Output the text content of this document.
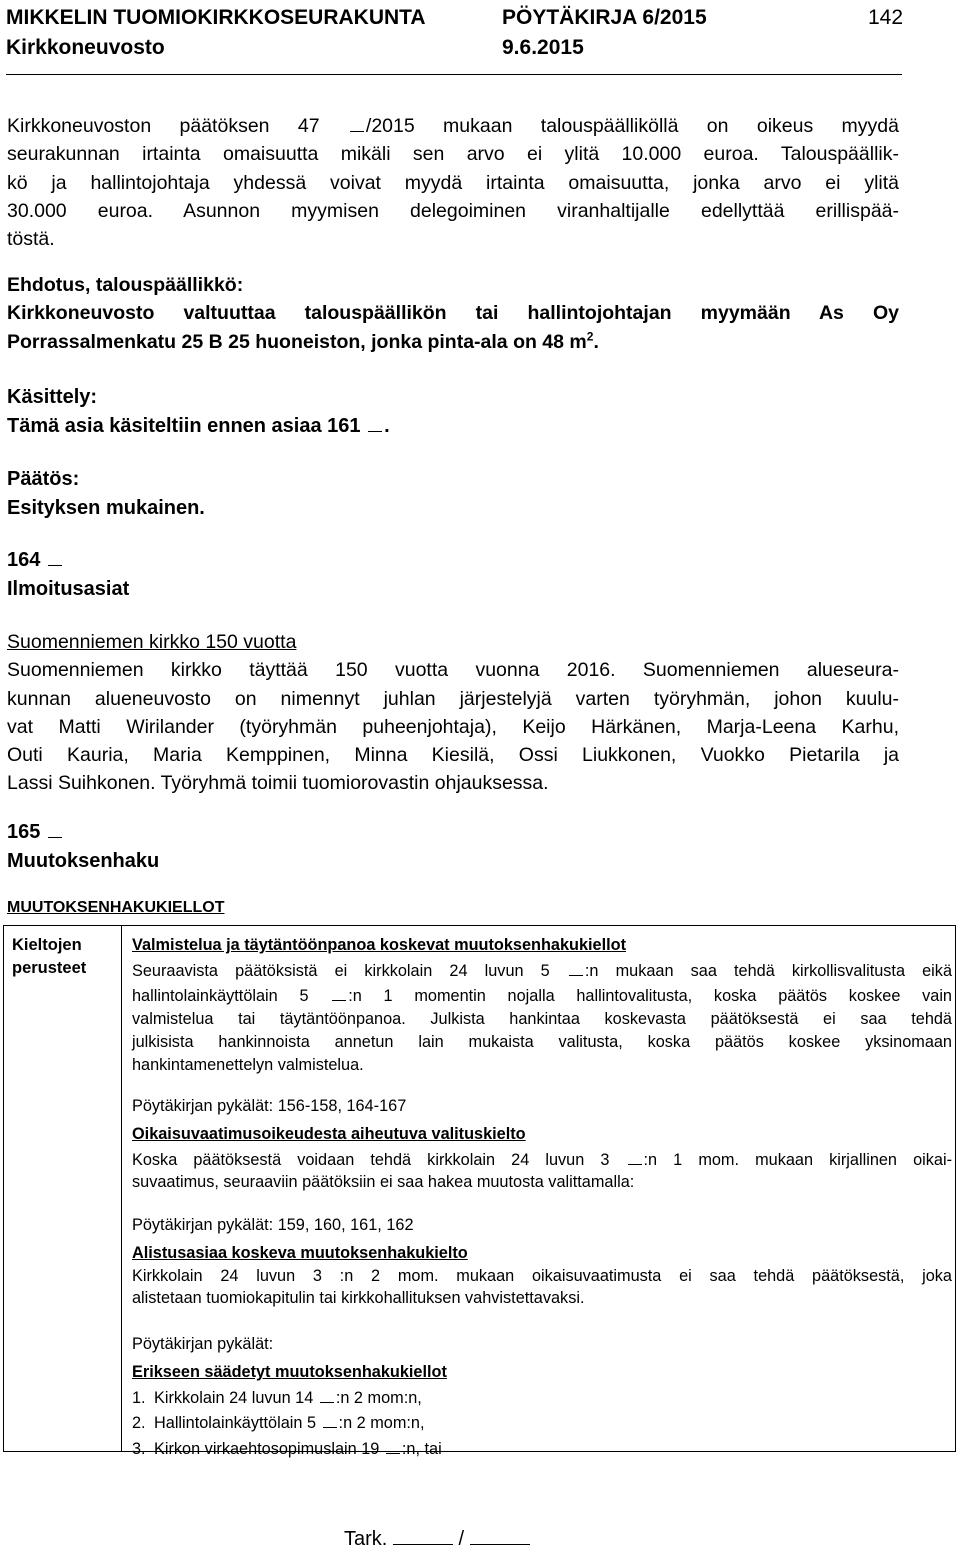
MIKKELIN TUOMIOKIRKKOSEURAKUNTA	PÖYTÄKIRJA 6/2015	142
Kirkkoneuvosto	9.6.2015
Kirkkoneuvoston päätöksen 47 /2015 mukaan talouspäälliköllä on oikeus myydä
seurakunnan irtainta omaisuutta mikäli sen arvo ei ylitä 10.000 euroa. Talouspäällik-
kö ja hallintojohtaja yhdessä voivat myydä irtainta omaisuutta, jonka arvo ei ylitä
30.000 euroa. Asunnon myymisen delegoiminen viranhaltijalle edellyttää erillispää-
töstä.
Ehdotus, talouspäällikkö:
Kirkkoneuvosto valtuuttaa talouspäällikön tai hallintojohtajan myymään As Oy
Porrassalmenkatu 25 B 25 huoneiston, jonka pinta-ala on 48 $m^2$.
Käsittely:
Tämä asia käsiteltiin ennen asiaa 161 .
Päätös:
Esityksen mukainen.
164
Ilmoitusasiat
Suomenniemen kirkko 150 vuotta
Suomenniemen kirkko täyttää 150 vuotta vuonna 2016. Suomenniemen alueseura-
kunnan alueneuvosto on nimennyt juhlan järjestelyjä varten työryhmän, johon kuulu-
vat Matti Wirilander (työryhmän puheenjohtaja), Keijo Härkänen, Marja-Leena Karhu,
Outi Kauria, Maria Kemppinen, Minna Kiesilä, Ossi Liukkonen, Vuokko Pietarila ja
Lassi Suihkonen. Työryhmä toimii tuomiorovastin ohjauksessa.
165
Muutoksenhaku
MUUTOKSENHAKUKIELLOT
Kieltojen
perusteet
Valmistelua ja täytäntöönpanoa koskevat muutoksenhakukiellot
Seuraavista päätöksistä ei kirkkolain 24 luvun 5 :n mukaan saa tehdä kirkollisvalitusta eikä
hallintolainkäyttölain 5 :n 1 momentin nojalla hallintovalitusta, koska päätös koskee vain
valmistelua tai täytäntöönpanoa. Julkista hankintaa koskevasta päätöksestä ei saa tehdä
julkisista hankinnoista annetun lain mukaista valitusta, koska päätös koskee yksinomaan
hankintamenettelyn valmistelua.
Pöytäkirjan pykälät: 156-158, 164-167
Oikaisuvaatimusoikeudesta aiheutuva valituskielto
Koska päätöksestä voidaan tehdä kirkkolain 24 luvun 3 :n 1 mom. mukaan kirjallinen oikai-
suvaatimus, seuraaviin päätöksiin ei saa hakea muutosta valittamalla:
Pöytäkirjan pykälät: 159, 160, 161, 162
Alistusasiaa koskeva muutoksenhakukielto
Kirkkolain 24 luvun 3 :n 2 mom. mukaan oikaisuvaatimusta ei saa tehdä päätöksestä, joka
alistetaan tuomiokapitulin tai kirkkohallituksen vahvistettavaksi.
Pöytäkirjan pykälät:
Erikseen säädetyt muutoksenhakukiellot
1. Kirkkolain 24 luvun 14 :n 2 mom:n,
2. Hallintolainkäyttölain 5 :n 2 mom:n,
3. Kirkon virkaehtosopimuslain 19 :n, tai
Tark.	/
